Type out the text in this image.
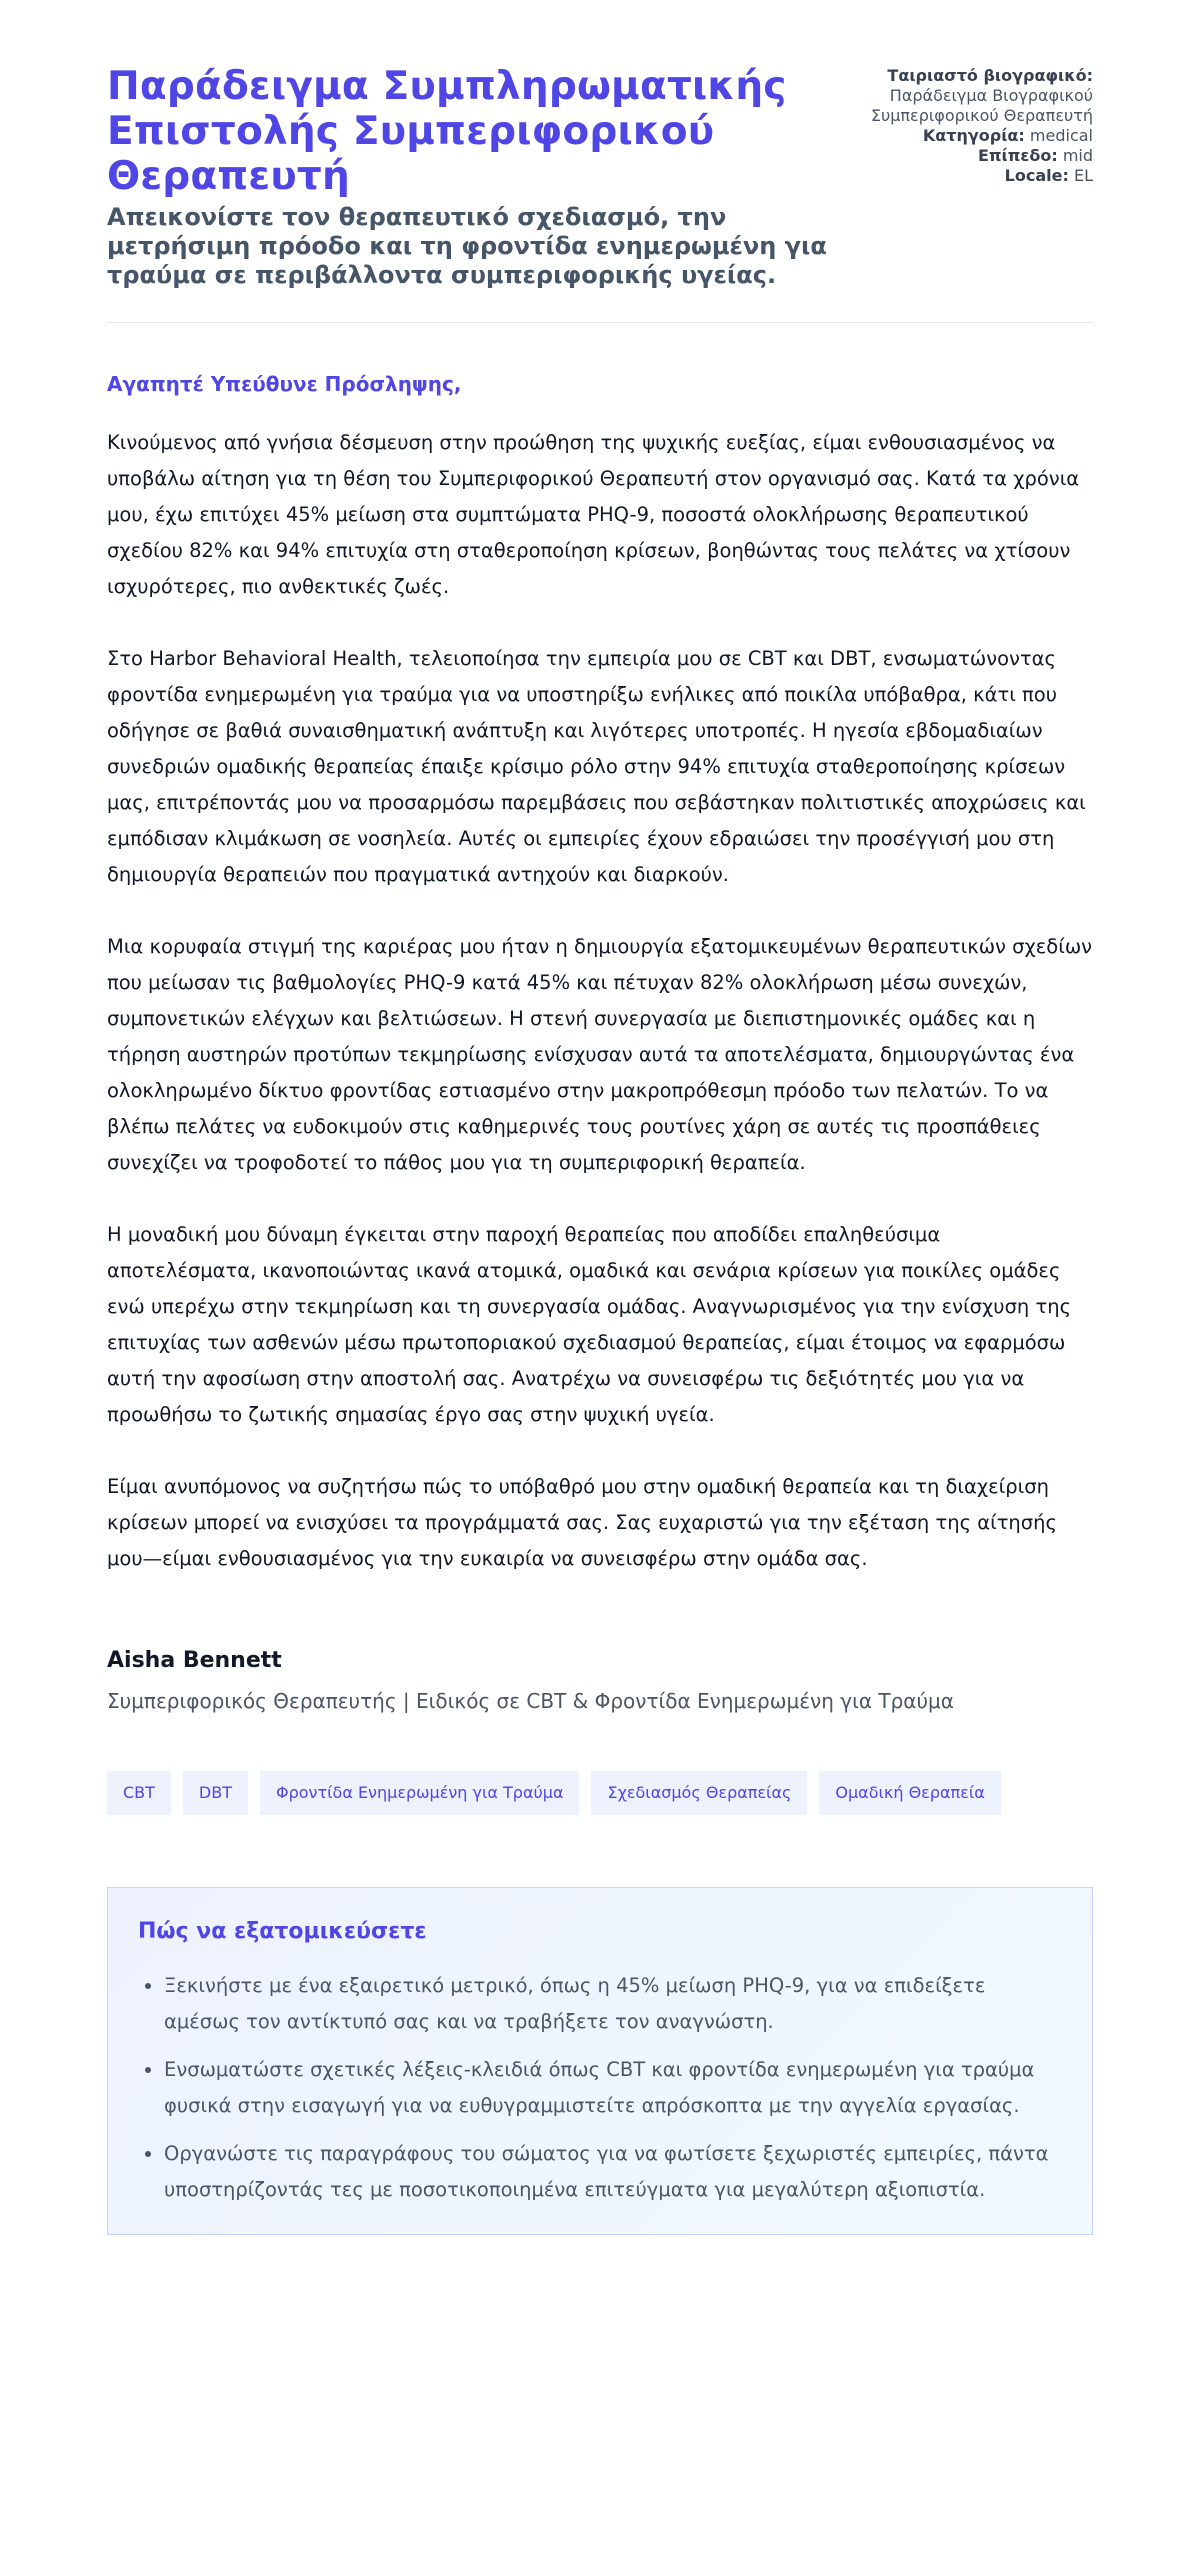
Παράδειγμα Συμπληρωματικής Επιστολής Συμπεριφορικού Θεραπευτή
Απεικονίστε τον θεραπευτικό σχεδιασμό, την μετρήσιμη πρόοδο και τη φροντίδα ενημερωμένη για τραύμα σε περιβάλλοντα συμπεριφορικής υγείας.

Ταιριαστό βιογραφικό: Παράδειγμα Βιογραφικού Συμπεριφορικού Θεραπευτή

Κατηγορία: medical

Επίπεδο: mid

Locale: EL

Αγαπητέ Υπεύθυνε Πρόσληψης,

Κινούμενος από γνήσια δέσμευση στην προώθηση της ψυχικής ευεξίας, είμαι ενθουσιασμένος να υποβάλω αίτηση για τη θέση του Συμπεριφορικού Θεραπευτή στον οργανισμό σας. Κατά τα χρόνια μου, έχω επιτύχει 45% μείωση στα συμπτώματα PHQ-9, ποσοστά ολοκλήρωσης θεραπευτικού σχεδίου 82% και 94% επιτυχία στη σταθεροποίηση κρίσεων, βοηθώντας τους πελάτες να χτίσουν ισχυρότερες, πιο ανθεκτικές ζωές.

Στο Harbor Behavioral Health, τελειοποίησα την εμπειρία μου σε CBT και DBT, ενσωματώνοντας φροντίδα ενημερωμένη για τραύμα για να υποστηρίξω ενήλικες από ποικίλα υπόβαθρα, κάτι που οδήγησε σε βαθιά συναισθηματική ανάπτυξη και λιγότερες υποτροπές. Η ηγεσία εβδομαδιαίων συνεδριών ομαδικής θεραπείας έπαιξε κρίσιμο ρόλο στην 94% επιτυχία σταθεροποίησης κρίσεων μας, επιτρέποντάς μου να προσαρμόσω παρεμβάσεις που σεβάστηκαν πολιτιστικές αποχρώσεις και εμπόδισαν κλιμάκωση σε νοσηλεία. Αυτές οι εμπειρίες έχουν εδραιώσει την προσέγγισή μου στη δημιουργία θεραπειών που πραγματικά αντηχούν και διαρκούν.

Μια κορυφαία στιγμή της καριέρας μου ήταν η δημιουργία εξατομικευμένων θεραπευτικών σχεδίων που μείωσαν τις βαθμολογίες PHQ-9 κατά 45% και πέτυχαν 82% ολοκλήρωση μέσω συνεχών, συμπονετικών ελέγχων και βελτιώσεων. Η στενή συνεργασία με διεπιστημονικές ομάδες και η τήρηση αυστηρών προτύπων τεκμηρίωσης ενίσχυσαν αυτά τα αποτελέσματα, δημιουργώντας ένα ολοκληρωμένο δίκτυο φροντίδας εστιασμένο στην μακροπρόθεσμη πρόοδο των πελατών. Το να βλέπω πελάτες να ευδοκιμούν στις καθημερινές τους ρουτίνες χάρη σε αυτές τις προσπάθειες συνεχίζει να τροφοδοτεί το πάθος μου για τη συμπεριφορική θεραπεία.

Η μοναδική μου δύναμη έγκειται στην παροχή θεραπείας που αποδίδει επαληθεύσιμα αποτελέσματα, ικανοποιώντας ικανά ατομικά, ομαδικά και σενάρια κρίσεων για ποικίλες ομάδες ενώ υπερέχω στην τεκμηρίωση και τη συνεργασία ομάδας. Αναγνωρισμένος για την ενίσχυση της επιτυχίας των ασθενών μέσω πρωτοποριακού σχεδιασμού θεραπείας, είμαι έτοιμος να εφαρμόσω αυτή την αφοσίωση στην αποστολή σας. Ανατρέχω να συνεισφέρω τις δεξιότητές μου για να προωθήσω το ζωτικής σημασίας έργο σας στην ψυχική υγεία.

Είμαι ανυπόμονος να συζητήσω πώς το υπόβαθρό μου στην ομαδική θεραπεία και τη διαχείριση κρίσεων μπορεί να ενισχύσει τα προγράμματά σας. Σας ευχαριστώ για την εξέταση της αίτησής μου—είμαι ενθουσιασμένος για την ευκαιρία να συνεισφέρω στην ομάδα σας.

Aisha Bennett

Συμπεριφορικός Θεραπευτής | Ειδικός σε CBT & Φροντίδα Ενημερωμένη για Τραύμα

CBT	DBT	Φροντίδα Ενημερωμένη για Τραύμα	Σχεδιασμός Θεραπείας	Ομαδική Θεραπεία
Πώς να εξατομικεύσετε
• Ξεκινήστε με ένα εξαιρετικό μετρικό, όπως η 45% μείωση PHQ-9, για να επιδείξετε αμέσως τον αντίκτυπό σας και να τραβήξετε τον αναγνώστη.
• Ενσωματώστε σχετικές λέξεις-κλειδιά όπως CBT και φροντίδα ενημερωμένη για τραύμα φυσικά στην εισαγωγή για να ευθυγραμμιστείτε απρόσκοπτα με την αγγελία εργασίας.
• Οργανώστε τις παραγράφους του σώματος για να φωτίσετε ξεχωριστές εμπειρίες, πάντα υποστηρίζοντάς τες με ποσοτικοποιημένα επιτεύγματα για μεγαλύτερη αξιοπιστία.
